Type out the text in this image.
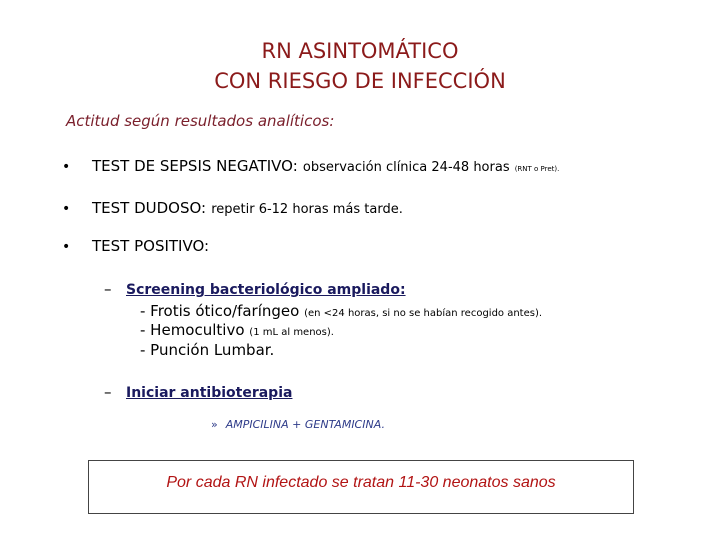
RN ASINTOMÁTICO
CON RIESGO DE INFECCIÓN
Actitud según resultados analíticos:
• TEST DE SEPSIS NEGATIVO: observación clínica 24-48 horas (RNT o Pret).
• TEST DUDOSO: repetir 6-12 horas más tarde.
• TEST POSITIVO:
– Screening bacteriológico ampliado:
- Frotis ótico/faríngeo (en <24 horas, si no se habían recogido antes).
- Hemocultivo (1 mL al menos).
- Punción Lumbar.
– Iniciar antibioterapia
» AMPICILINA + GENTAMICINA.
Por cada RN infectado se tratan 11-30 neonatos sanos
